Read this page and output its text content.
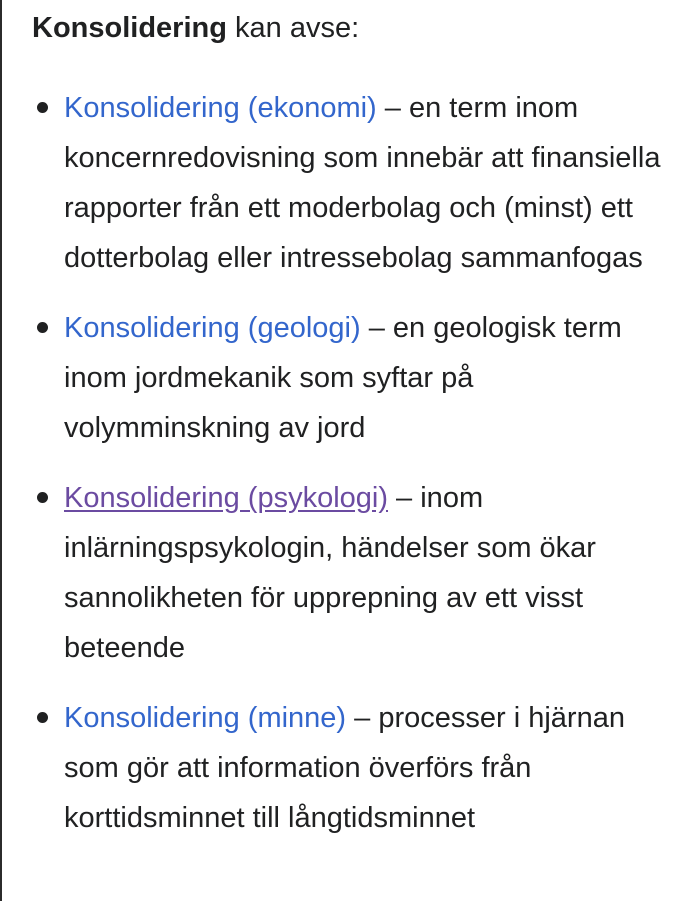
Konsolidering kan avse:

Konsolidering (ekonomi) – en term inom koncernredovisning som innebär att finansiella rapporter från ett moderbolag och (minst) ett dotterbolag eller intressebolag sammanfogas
Konsolidering (geologi) – en geologisk term inom jordmekanik som syftar på volymminskning av jord
Konsolidering (psykologi) – inom inlärningspsykologin, händelser som ökar sannolikheten för upprepning av ett visst beteende
Konsolidering (minne) – processer i hjärnan som gör att information överförs från korttidsminnet till långtidsminnet
